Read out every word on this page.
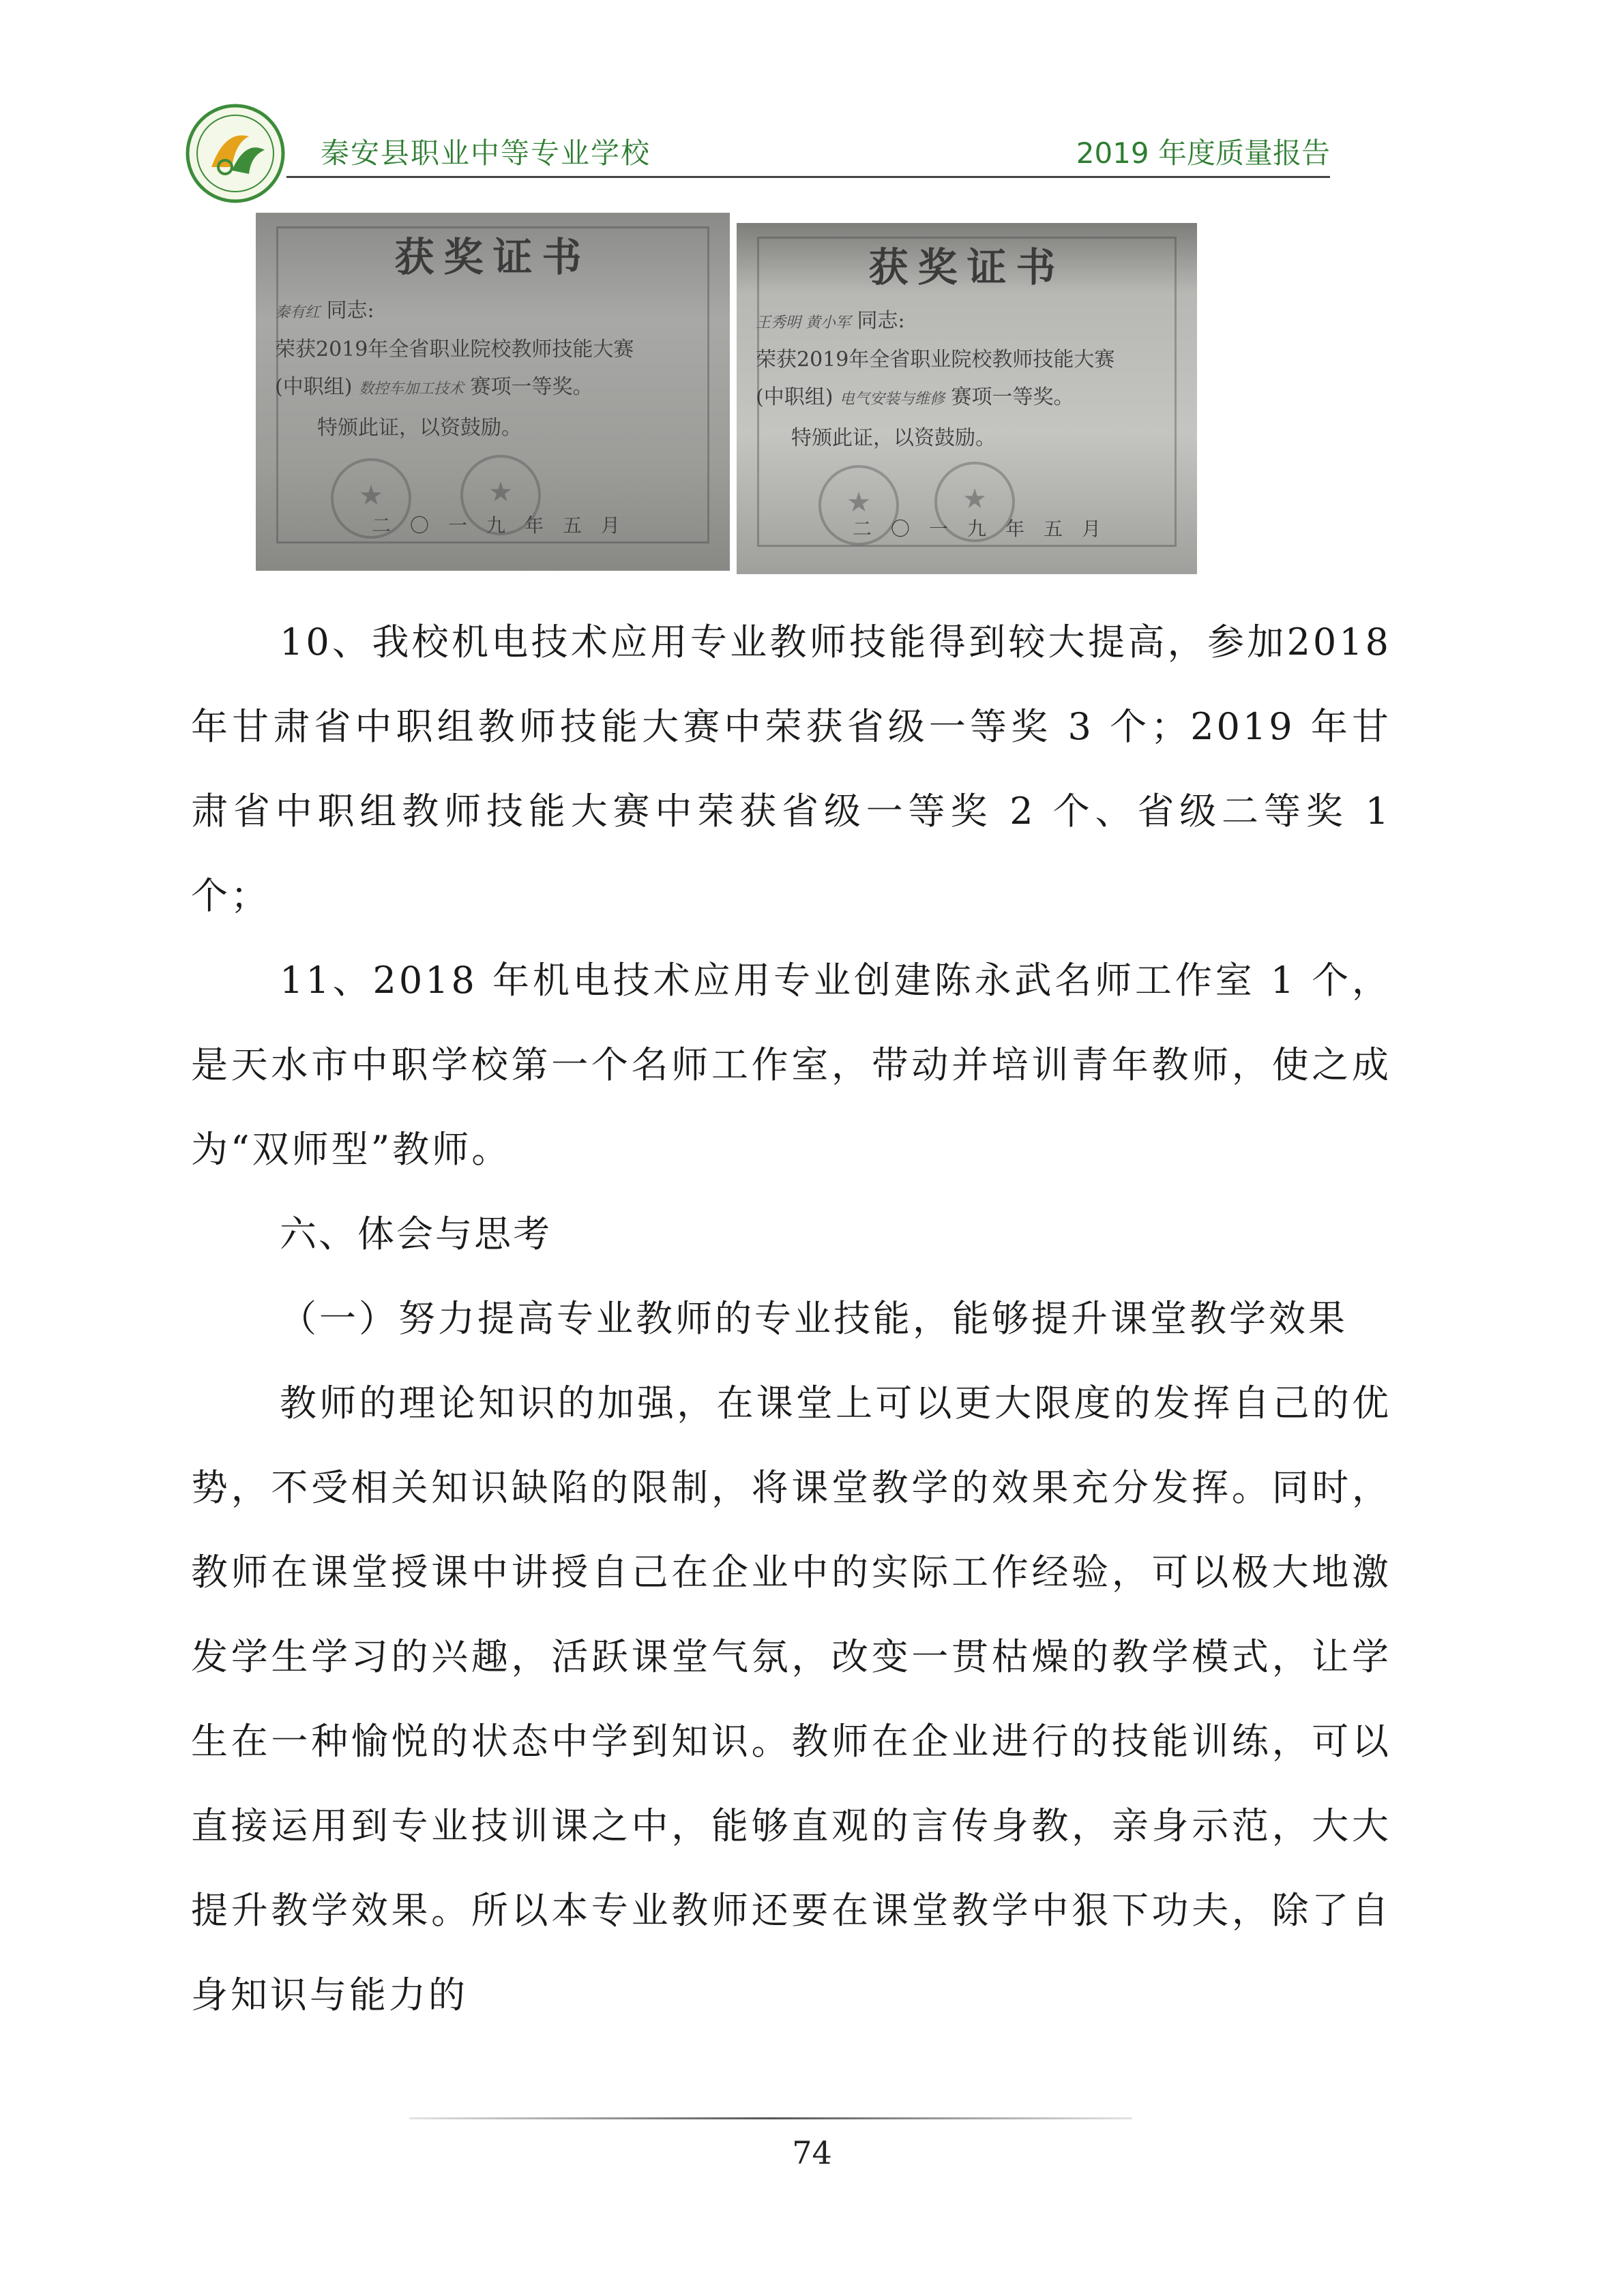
秦安县职业中等专业学校	2019 年度质量报告
获奖证书
秦有红 同志:
荣获2019年全省职业院校教师技能大赛
(中职组) 数控车加工技术 赛项一等奖。
特颁此证，以资鼓励。
★
★
二〇一九年五月
获奖证书
王秀明 黄小军 同志:
荣获2019年全省职业院校教师技能大赛
(中职组) 电气安装与维修 赛项一等奖。
特颁此证，以资鼓励。
★
★
二〇一九年五月

10、我校机电技术应用专业教师技能得到较大提高，参加2018 年甘肃省中职组教师技能大赛中荣获省级一等奖 3 个；2019 年甘肃省中职组教师技能大赛中荣获省级一等奖 2 个、省级二等奖 1 个；

11、2018 年机电技术应用专业创建陈永武名师工作室 1 个，是天水市中职学校第一个名师工作室，带动并培训青年教师，使之成为“双师型”教师。

六、体会与思考

（一）努力提高专业教师的专业技能，能够提升课堂教学效果

教师的理论知识的加强，在课堂上可以更大限度的发挥自己的优势，不受相关知识缺陷的限制，将课堂教学的效果充分发挥。同时，教师在课堂授课中讲授自己在企业中的实际工作经验，可以极大地激发学生学习的兴趣，活跃课堂气氛，改变一贯枯燥的教学模式，让学生在一种愉悦的状态中学到知识。教师在企业进行的技能训练，可以直接运用到专业技训课之中，能够直观的言传身教，亲身示范，大大提升教学效果。所以本专业教师还要在课堂教学中狠下功夫，除了自身知识与能力的

74
